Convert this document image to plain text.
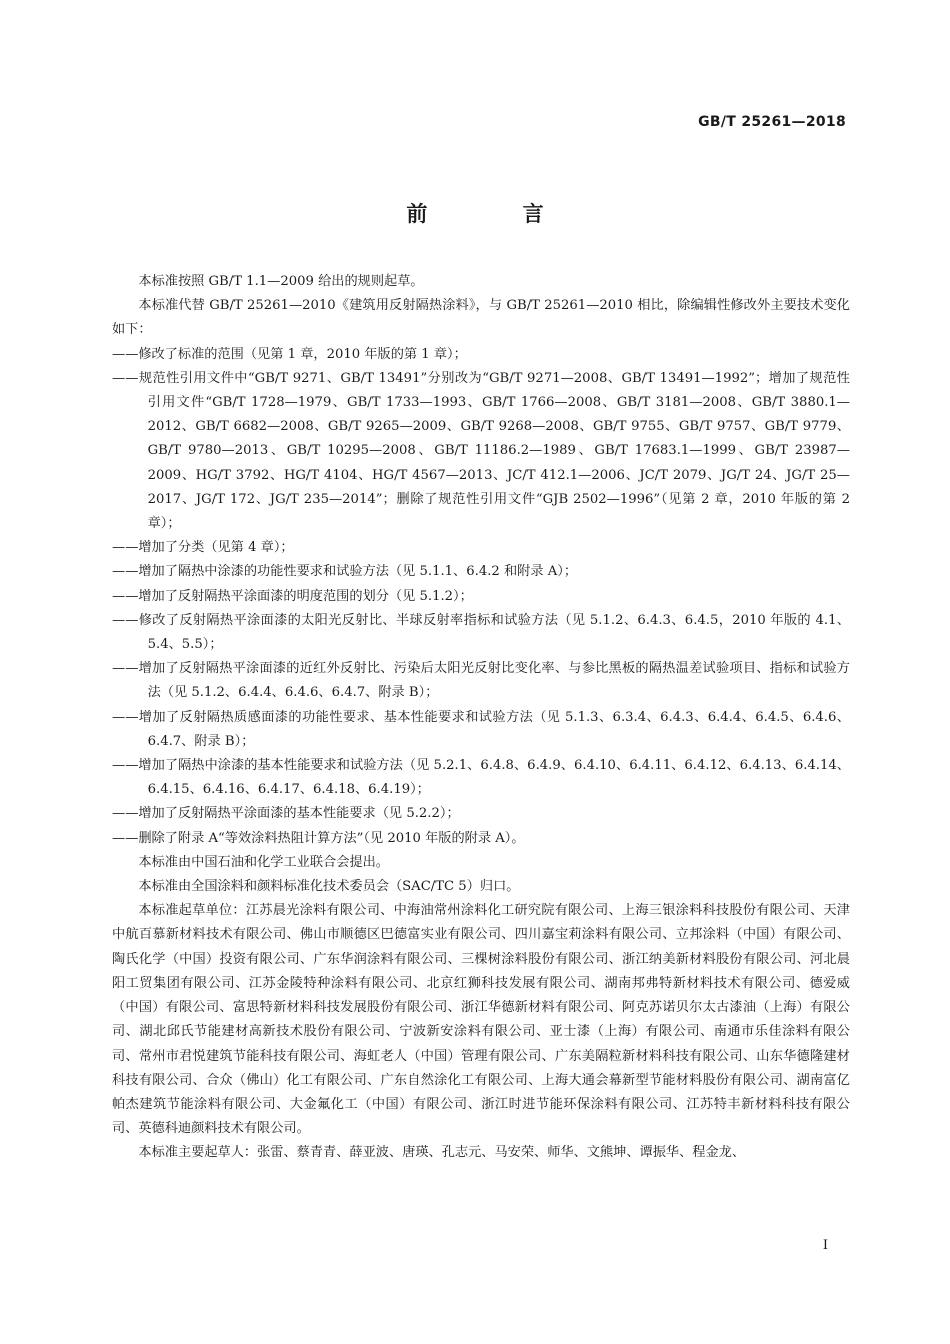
GB/T 25261—2018
前 言

本标准按照 GB/T 1.1—2009 给出的规则起草。

本标准代替 GB/T 25261—2010《建筑用反射隔热涂料》，与 GB/T 25261—2010 相比，除编辑性修改外主要技术变化如下：

——修改了标准的范围（见第 1 章，2010 年版的第 1 章）；

——规范性引用文件中“GB/T 9271、GB/T 13491”分别改为“GB/T 9271—2008、GB/T 13491—1992”；增加了规范性引用文件“GB/T 1728—1979、GB/T 1733—1993、GB/T 1766—2008、GB/T 3181—2008、GB/T 3880.1—2012、GB/T 6682—2008、GB/T 9265—2009、GB/T 9268—2008、GB/T 9755、GB/T 9757、GB/T 9779、GB/T 9780—2013、GB/T 10295—2008、GB/T 11186.2—1989、GB/T 17683.1—1999、GB/T 23987—2009、HG/T 3792、HG/T 4104、HG/T 4567—2013、JC/T 412.1—2006、JC/T 2079、JG/T 24、JG/T 25—2017、JG/T 172、JG/T 235—2014”；删除了规范性引用文件“GJB 2502—1996”（见第 2 章，2010 年版的第 2 章）；

——增加了分类（见第 4 章）；

——增加了隔热中涂漆的功能性要求和试验方法（见 5.1.1、6.4.2 和附录 A）；

——增加了反射隔热平涂面漆的明度范围的划分（见 5.1.2）；

——修改了反射隔热平涂面漆的太阳光反射比、半球反射率指标和试验方法（见 5.1.2、6.4.3、6.4.5，2010 年版的 4.1、5.4、5.5）；

——增加了反射隔热平涂面漆的近红外反射比、污染后太阳光反射比变化率、与参比黑板的隔热温差试验项目、指标和试验方法（见 5.1.2、6.4.4、6.4.6、6.4.7、附录 B）；

——增加了反射隔热质感面漆的功能性要求、基本性能要求和试验方法（见 5.1.3、6.3.4、6.4.3、6.4.4、6.4.5、6.4.6、6.4.7、附录 B）；

——增加了隔热中涂漆的基本性能要求和试验方法（见 5.2.1、6.4.8、6.4.9、6.4.10、6.4.11、6.4.12、6.4.13、6.4.14、6.4.15、6.4.16、6.4.17、6.4.18、6.4.19）；

——增加了反射隔热平涂面漆的基本性能要求（见 5.2.2）；

——删除了附录 A“等效涂料热阻计算方法”（见 2010 年版的附录 A）。

本标准由中国石油和化学工业联合会提出。

本标准由全国涂料和颜料标准化技术委员会（SAC/TC 5）归口。

本标准起草单位：江苏晨光涂料有限公司、中海油常州涂料化工研究院有限公司、上海三银涂料科技股份有限公司、天津中航百慕新材料技术有限公司、佛山市顺德区巴德富实业有限公司、四川嘉宝莉涂料有限公司、立邦涂料（中国）有限公司、陶氏化学（中国）投资有限公司、广东华润涂料有限公司、三棵树涂料股份有限公司、浙江纳美新材料股份有限公司、河北晨阳工贸集团有限公司、江苏金陵特种涂料有限公司、北京红狮科技发展有限公司、湖南邦弗特新材料技术有限公司、德爱威（中国）有限公司、富思特新材料科技发展股份有限公司、浙江华德新材料有限公司、阿克苏诺贝尔太古漆油（上海）有限公司、湖北邱氏节能建材高新技术股份有限公司、宁波新安涂料有限公司、亚士漆（上海）有限公司、南通市乐佳涂料有限公司、常州市君悦建筑节能科技有限公司、海虹老人（中国）管理有限公司、广东美隔粒新材料科技有限公司、山东华德隆建材科技有限公司、合众（佛山）化工有限公司、广东自然涂化工有限公司、上海大通会幕新型节能材料股份有限公司、湖南富亿帕杰建筑节能涂料有限公司、大金氟化工（中国）有限公司、浙江时进节能环保涂料有限公司、江苏特丰新材料科技有限公司、英德科迪颜料技术有限公司。

本标准主要起草人：张雷、蔡青青、薛亚波、唐瑛、孔志元、马安荣、师华、文熊坤、谭振华、程金龙、

I
